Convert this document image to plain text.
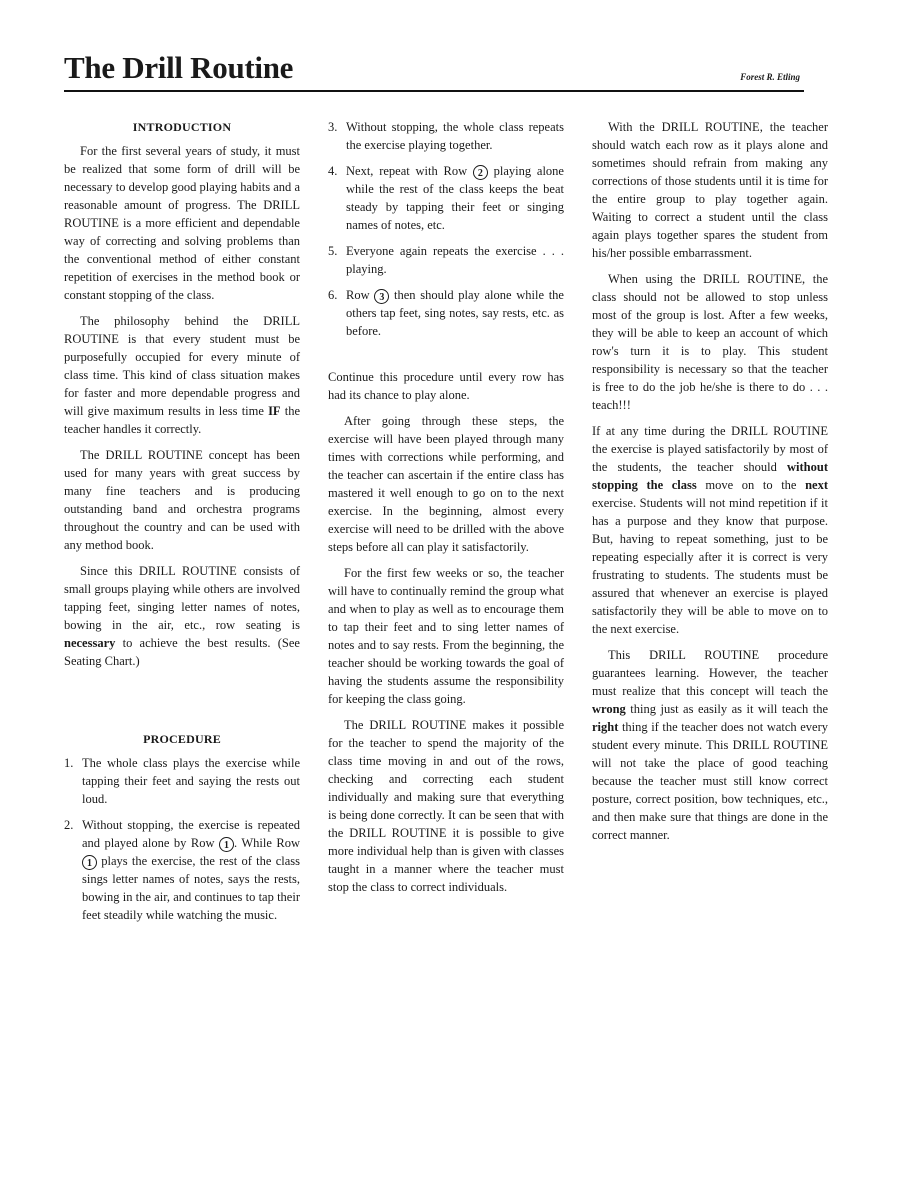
The Drill Routine	Forest R. Etling
INTRODUCTION

For the first several years of study, it must be realized that some form of drill will be necessary to develop good playing habits and a reasonable amount of progress. The DRILL ROUTINE is a more efficient and dependable way of correcting and solving problems than the conventional method of either constant repetition of exercises in the method book or constant stopping of the class.

The philosophy behind the DRILL ROUTINE is that every student must be purposefully occupied for every minute of class time. This kind of class situation makes for faster and more dependable progress and will give maximum results in less time IF the teacher handles it correctly.

The DRILL ROUTINE concept has been used for many years with great success by many fine teachers and is producing outstanding band and orchestra programs throughout the country and can be used with any method book.

Since this DRILL ROUTINE consists of small groups playing while others are involved tapping feet, singing letter names of notes, bowing in the air, etc., row seating is necessary to achieve the best results. (See Seating Chart.)

PROCEDURE
1. The whole class plays the exercise while tapping their feet and saying the rests out loud.
2. Without stopping, the exercise is repeated and played alone by Row 1 . While Row 1 plays the exercise, the rest of the class sings letter names of notes, says the rests, bowing in the air, and continues to tap their feet steadily while watching the music.
3. Without stopping, the whole class repeats the exercise playing together.
4. Next, repeat with Row 2 playing alone while the rest of the class keeps the beat steady by tapping their feet or singing names of notes, etc.
5. Everyone again repeats the exercise . . . playing.
6. Row 3 then should play alone while the others tap feet, sing notes, say rests, etc. as before.

Continue this procedure until every row has had its chance to play alone.

After going through these steps, the exercise will have been played through many times with corrections while performing, and the teacher can ascertain if the entire class has mastered it well enough to go on to the next exercise. In the beginning, almost every exercise will need to be drilled with the above steps before all can play it satisfactorily.

For the first few weeks or so, the teacher will have to continually remind the group what and when to play as well as to encourage them to tap their feet and to sing letter names of notes and to say rests. From the beginning, the teacher should be working towards the goal of having the students assume the responsibility for keeping the class going.

The DRILL ROUTINE makes it possible for the teacher to spend the majority of the class time moving in and out of the rows, checking and correcting each student individually and making sure that everything is being done correctly. It can be seen that with the DRILL ROUTINE it is possible to give more individual help than is given with classes taught in a manner where the teacher must stop the class to correct individuals.

With the DRILL ROUTINE, the teacher should watch each row as it plays alone and sometimes should refrain from making any corrections of those students until it is time for the entire group to play together again. Waiting to correct a student until the class again plays together spares the student from his/her possible embarrassment.

When using the DRILL ROUTINE, the class should not be allowed to stop unless most of the group is lost. After a few weeks, they will be able to keep an account of which row's turn it is to play. This student responsibility is necessary so that the teacher is free to do the job he/she is there to do . . . teach!!!

If at any time during the DRILL ROUTINE the exercise is played satisfactorily by most of the students, the teacher should without stopping the class move on to the next exercise. Students will not mind repetition if it has a purpose and they know that purpose. But, having to repeat something, just to be repeating especially after it is correct is very frustrating to students. The students must be assured that whenever an exercise is played satisfactorily they will be able to move on to the next exercise.

This DRILL ROUTINE procedure guarantees learning. However, the teacher must realize that this concept will teach the wrong thing just as easily as it will teach the right thing if the teacher does not watch every student every minute. This DRILL ROUTINE will not take the place of good teaching because the teacher must still know correct posture, correct position, bow techniques, etc., and then make sure that things are done in the correct manner.
